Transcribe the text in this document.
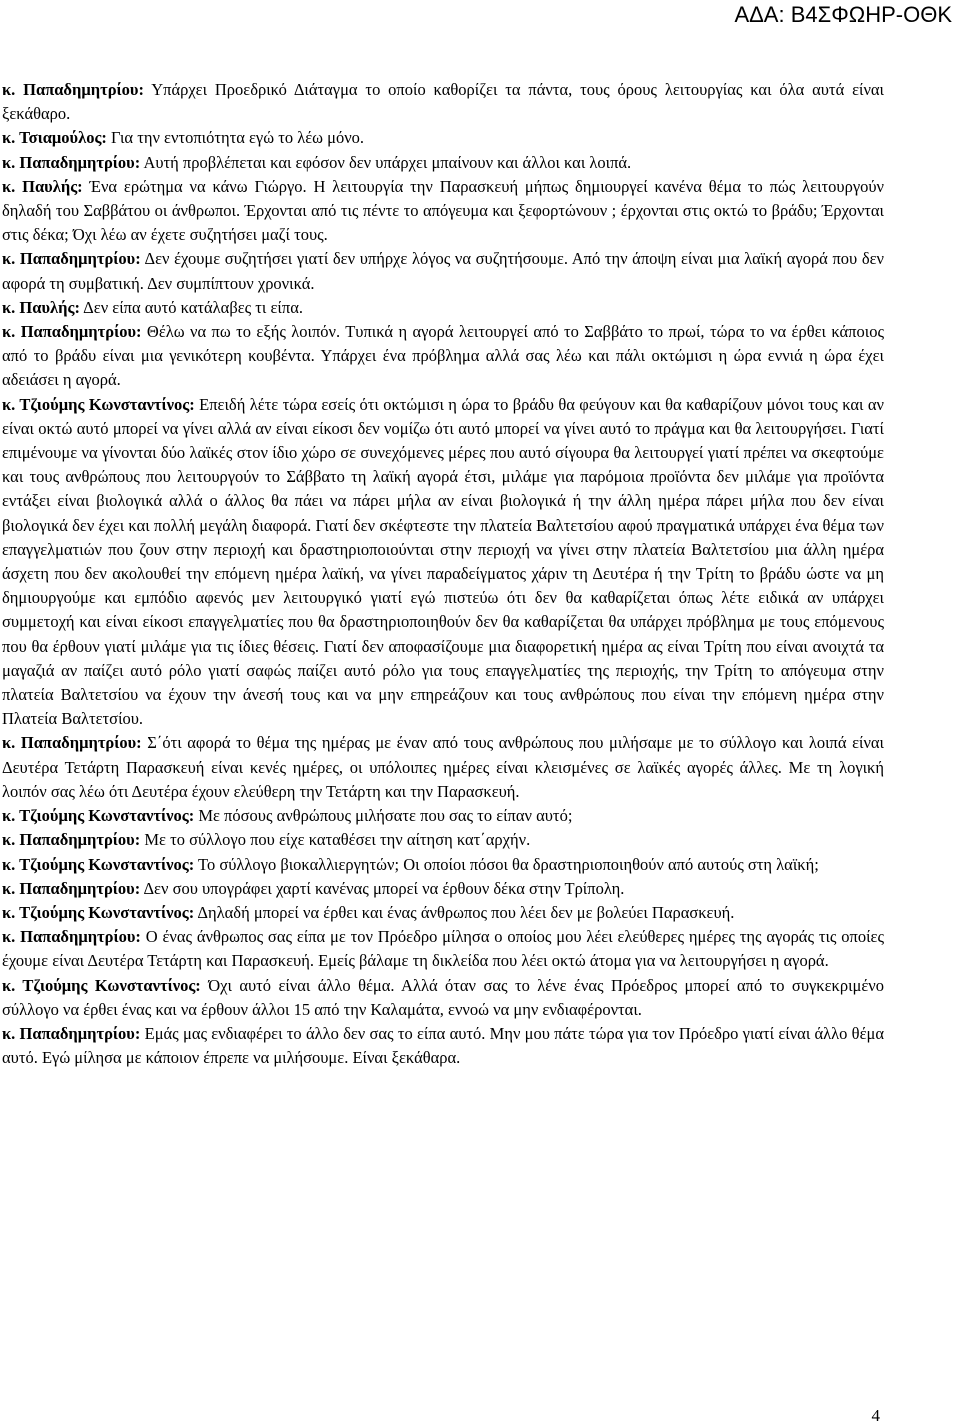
ΑΔΑ: Β4ΣΦΩΗΡ-ΟΘΚ

κ. Παπαδημητρίου: Υπάρχει Προεδρικό Διάταγμα το οποίο καθορίζει τα πάντα, τους όρους λειτουργίας και όλα αυτά είναι ξεκάθαρο.

κ. Τσιαμούλος: Για την εντοπιότητα εγώ το λέω μόνο.

κ. Παπαδημητρίου: Αυτή προβλέπεται και εφόσον δεν υπάρχει μπαίνουν και άλλοι και λοιπά.

κ. Παυλής: Ένα ερώτημα να κάνω Γιώργο. Η λειτουργία την Παρασκευή μήπως δημιουργεί κανένα θέμα το πώς λειτουργούν δηλαδή του Σαββάτου οι άνθρωποι. Έρχονται από τις πέντε το απόγευμα και ξεφορτώνουν ; έρχονται στις οκτώ το βράδυ; Έρχονται στις δέκα; Όχι λέω αν έχετε συζητήσει μαζί τους.

κ. Παπαδημητρίου: Δεν έχουμε συζητήσει γιατί δεν υπήρχε λόγος να συζητήσουμε. Από την άποψη είναι μια λαϊκή αγορά που δεν αφορά τη συμβατική. Δεν συμπίπτουν χρονικά.

κ. Παυλής: Δεν είπα αυτό κατάλαβες τι είπα.

κ. Παπαδημητρίου: Θέλω να πω το εξής λοιπόν. Τυπικά η αγορά λειτουργεί από το Σαββάτο το πρωί, τώρα το να έρθει κάποιος από το βράδυ είναι μια γενικότερη κουβέντα. Υπάρχει ένα πρόβλημα αλλά σας λέω και πάλι οκτώμισι η ώρα εννιά η ώρα έχει αδειάσει η αγορά.

κ. Τζιούμης Κωνσταντίνος: Επειδή λέτε τώρα εσείς ότι οκτώμισι η ώρα το βράδυ θα φεύγουν και θα καθαρίζουν μόνοι τους και αν είναι οκτώ αυτό μπορεί να γίνει αλλά αν είναι είκοσι δεν νομίζω ότι αυτό μπορεί να γίνει αυτό το πράγμα και θα λειτουργήσει. Γιατί επιμένουμε να γίνονται δύο λαϊκές στον ίδιο χώρο σε συνεχόμενες μέρες που αυτό σίγουρα θα λειτουργεί γιατί πρέπει να σκεφτούμε και τους ανθρώπους που λειτουργούν το Σάββατο τη λαϊκή αγορά έτσι, μιλάμε για παρόμοια προϊόντα δεν μιλάμε για προϊόντα εντάξει είναι βιολογικά αλλά ο άλλος θα πάει να πάρει μήλα αν είναι βιολογικά ή την άλλη ημέρα πάρει μήλα που δεν είναι βιολογικά δεν έχει και πολλή μεγάλη διαφορά. Γιατί δεν σκέφτεστε την πλατεία Βαλτετσίου αφού πραγματικά υπάρχει ένα θέμα των επαγγελματιών που ζουν στην περιοχή και δραστηριοποιούνται στην περιοχή να γίνει στην πλατεία Βαλτετσίου μια άλλη ημέρα άσχετη που δεν ακολουθεί την επόμενη ημέρα λαϊκή, να γίνει παραδείγματος χάριν τη Δευτέρα ή την Τρίτη το βράδυ ώστε να μη δημιουργούμε και εμπόδιο αφενός μεν λειτουργικό γιατί εγώ πιστεύω ότι δεν θα καθαρίζεται όπως λέτε ειδικά αν υπάρχει συμμετοχή και είναι είκοσι επαγγελματίες που θα δραστηριοποιηθούν δεν θα καθαρίζεται θα υπάρχει πρόβλημα με τους επόμενους που θα έρθουν γιατί μιλάμε για τις ίδιες θέσεις. Γιατί δεν αποφασίζουμε μια διαφορετική ημέρα ας είναι Τρίτη που είναι ανοιχτά τα μαγαζιά αν παίζει αυτό ρόλο γιατί σαφώς παίζει αυτό ρόλο για τους επαγγελματίες της περιοχής, την Τρίτη το απόγευμα στην πλατεία Βαλτετσίου να έχουν την άνεσή τους και να μην επηρεάζουν και τους ανθρώπους που είναι την επόμενη ημέρα στην Πλατεία Βαλτετσίου.

κ. Παπαδημητρίου: Σ΄ότι αφορά το θέμα της ημέρας με έναν από τους ανθρώπους που μιλήσαμε με το σύλλογο και λοιπά είναι Δευτέρα Τετάρτη Παρασκευή είναι κενές ημέρες, οι υπόλοιπες ημέρες είναι κλεισμένες σε λαϊκές αγορές άλλες. Με τη λογική λοιπόν σας λέω ότι Δευτέρα έχουν ελεύθερη την Τετάρτη και την Παρασκευή.

κ. Τζιούμης Κωνσταντίνος: Με πόσους ανθρώπους μιλήσατε που σας το είπαν αυτό;

κ. Παπαδημητρίου: Με το σύλλογο που είχε καταθέσει την αίτηση κατ΄αρχήν.

κ. Τζιούμης Κωνσταντίνος: Το σύλλογο βιοκαλλιεργητών; Οι οποίοι πόσοι θα δραστηριοποιηθούν από αυτούς στη λαϊκή;

κ. Παπαδημητρίου: Δεν σου υπογράφει χαρτί κανένας μπορεί να έρθουν δέκα στην Τρίπολη.

κ. Τζιούμης Κωνσταντίνος: Δηλαδή μπορεί να έρθει και ένας άνθρωπος που λέει δεν με βολεύει Παρασκευή.

κ. Παπαδημητρίου: Ο ένας άνθρωπος σας είπα με τον Πρόεδρο μίλησα ο οποίος μου λέει ελεύθερες ημέρες της αγοράς τις οποίες έχουμε είναι Δευτέρα Τετάρτη και Παρασκευή. Εμείς βάλαμε τη δικλείδα που λέει οκτώ άτομα για να λειτουργήσει η αγορά.

κ. Τζιούμης Κωνσταντίνος: Όχι αυτό είναι άλλο θέμα. Αλλά όταν σας το λένε ένας Πρόεδρος μπορεί από το συγκεκριμένο σύλλογο να έρθει ένας και να έρθουν άλλοι 15 από την Καλαμάτα, εννοώ να μην ενδιαφέρονται.

κ. Παπαδημητρίου: Εμάς μας ενδιαφέρει το άλλο δεν σας το είπα αυτό. Μην μου πάτε τώρα για τον Πρόεδρο γιατί είναι άλλο θέμα αυτό. Εγώ μίλησα με κάποιον έπρεπε να μιλήσουμε. Είναι ξεκάθαρα.

4
